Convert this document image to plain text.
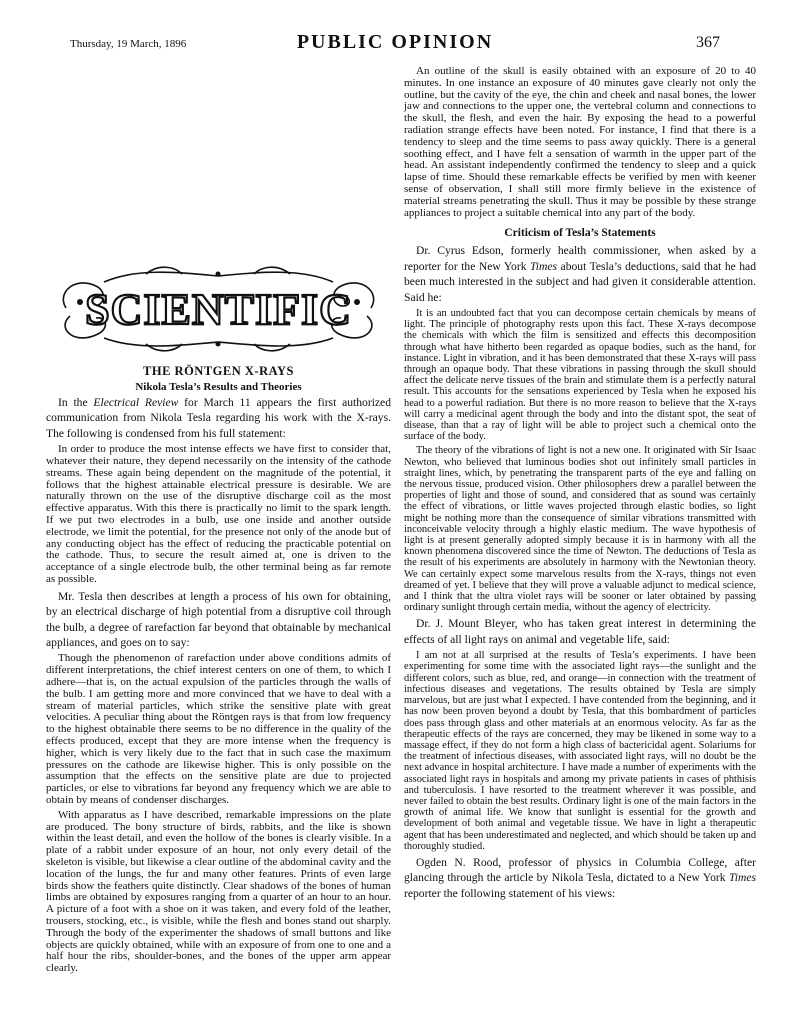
Thursday, 19 March, 1896	PUBLIC OPINION	367
SCIENTIFIC
THE RÖNTGEN X-RAYS
Nikola Tesla’s Results and Theories

In the Electrical Review for March 11 appears the first authorized communication from Nikola Tesla regarding his work with the X-rays. The following is condensed from his full statement:

In order to produce the most intense effects we have first to consider that, whatever their nature, they depend necessarily on the intensity of the cathode streams. These again being dependent on the magnitude of the potential, it follows that the highest attainable electrical pressure is desirable. We are naturally thrown on the use of the disruptive discharge coil as the most effective apparatus. With this there is practically no limit to the spark length. If we put two electrodes in a bulb, use one inside and another outside electrode, we limit the potential, for the presence not only of the anode but of any conducting object has the effect of reducing the practicable potential on the cathode. Thus, to secure the result aimed at, one is driven to the acceptance of a single electrode bulb, the other terminal being as far remote as possible.

Mr. Tesla then describes at length a process of his own for obtaining, by an electrical discharge of high potential from a disruptive coil through the bulb, a degree of rarefaction far beyond that obtainable by mechanical appliances, and goes on to say:

Though the phenomenon of rarefaction under above conditions admits of different interpretations, the chief interest centers on one of them, to which I adhere—that is, on the actual expulsion of the particles through the walls of the bulb. I am getting more and more convinced that we have to deal with a stream of material particles, which strike the sensitive plate with great velocities. A peculiar thing about the Röntgen rays is that from low frequency to the highest obtainable there seems to be no difference in the quality of the effects produced, except that they are more intense when the frequency is higher, which is very likely due to the fact that in such case the maximum pressures on the cathode are likewise higher. This is only possible on the assumption that the effects on the sensitive plate are due to projected particles, or else to vibrations far beyond any frequency which we are able to obtain by means of condenser discharges.

With apparatus as I have described, remarkable impressions on the plate are produced. The bony structure of birds, rabbits, and the like is shown within the least detail, and even the hollow of the bones is clearly visible. In a plate of a rabbit under exposure of an hour, not only every detail of the skeleton is visible, but likewise a clear outline of the abdominal cavity and the location of the lungs, the fur and many other features. Prints of even large birds show the feathers quite distinctly. Clear shadows of the bones of human limbs are obtained by exposures ranging from a quarter of an hour to an hour. A picture of a foot with a shoe on it was taken, and every fold of the leather, trousers, stocking, etc., is visible, while the flesh and bones stand out sharply. Through the body of the experimenter the shadows of small buttons and like objects are quickly obtained, while with an exposure of from one to one and a half hour the ribs, shoulder-bones, and the bones of the upper arm appear clearly.

An outline of the skull is easily obtained with an exposure of 20 to 40 minutes. In one instance an exposure of 40 minutes gave clearly not only the outline, but the cavity of the eye, the chin and cheek and nasal bones, the lower jaw and connections to the upper one, the vertebral column and connections to the skull, the flesh, and even the hair. By exposing the head to a powerful radiation strange effects have been noted. For instance, I find that there is a tendency to sleep and the time seems to pass away quickly. There is a general soothing effect, and I have felt a sensation of warmth in the upper part of the head. An assistant independently confirmed the tendency to sleep and a quick lapse of time. Should these remarkable effects be verified by men with keener sense of observation, I shall still more firmly believe in the existence of material streams penetrating the skull. Thus it may be possible by these strange appliances to project a suitable chemical into any part of the body.

Criticism of Tesla’s Statements

Dr. Cyrus Edson, formerly health commissioner, when asked by a reporter for the New York Times about Tesla’s deductions, said that he had been much interested in the subject and had given it considerable attention. Said he:

It is an undoubted fact that you can decompose certain chemicals by means of light. The principle of photography rests upon this fact. These X-rays decompose the chemicals with which the film is sensitized and effects this decomposition through what have hitherto been regarded as opaque bodies, such as the hand, for instance. Light in vibration, and it has been demonstrated that these X-rays will pass through an opaque body. That these vibrations in passing through the skull should affect the delicate nerve tissues of the brain and stimulate them is a perfectly natural result. This accounts for the sensations experienced by Tesla when he exposed his head to a powerful radiation. But there is no more reason to believe that the X-rays will carry a medicinal agent through the body and into the distant spot, the seat of disease, than that a ray of light will be able to project such a chemical onto the surface of the body.

The theory of the vibrations of light is not a new one. It originated with Sir Isaac Newton, who believed that luminous bodies shot out infinitely small particles in straight lines, which, by penetrating the transparent parts of the eye and falling on the nervous tissue, produced vision. Other philosophers drew a parallel between the properties of light and those of sound, and considered that as sound was certainly the effect of vibrations, or little waves projected through elastic bodies, so light might be nothing more than the consequence of similar vibrations transmitted with inconceivable velocity through a highly elastic medium. The wave hypothesis of light is at present generally adopted simply because it is in harmony with all the known phenomena discovered since the time of Newton. The deductions of Tesla as the result of his experiments are absolutely in harmony with the Newtonian theory. We can certainly expect some marvelous results from the X-rays, things not even dreamed of yet. I believe that they will prove a valuable adjunct to medical science, and I think that the ultra violet rays will be sooner or later obtained by passing ordinary sunlight through certain media, without the agency of electricity.

Dr. J. Mount Bleyer, who has taken great interest in determining the effects of all light rays on animal and vegetable life, said:

I am not at all surprised at the results of Tesla’s experiments. I have been experimenting for some time with the associated light rays—the sunlight and the different colors, such as blue, red, and orange—in connection with the treatment of infectious diseases and vegetations. The results obtained by Tesla are simply marvelous, but are just what I expected. I have contended from the beginning, and it has now been proven beyond a doubt by Tesla, that this bombardment of particles does pass through glass and other materials at an enormous velocity. As far as the therapeutic effects of the rays are concerned, they may be likened in some way to a massage effect, if they do not form a high class of bactericidal agent. Solariums for the treatment of infectious diseases, with associated light rays, will no doubt be the next advance in hospital architecture. I have made a number of experiments with the associated light rays in hospitals and among my private patients in cases of phthisis and tuberculosis. I have resorted to the treatment wherever it was possible, and never failed to obtain the best results. Ordinary light is one of the main factors in the growth of animal life. We know that sunlight is essential for the growth and development of both animal and vegetable tissue. We have in light a therapeutic agent that has been underestimated and neglected, and which should be taken up and thoroughly studied.

Ogden N. Rood, professor of physics in Columbia College, after glancing through the article by Nikola Tesla, dictated to a New York Times reporter the following statement of his views:
